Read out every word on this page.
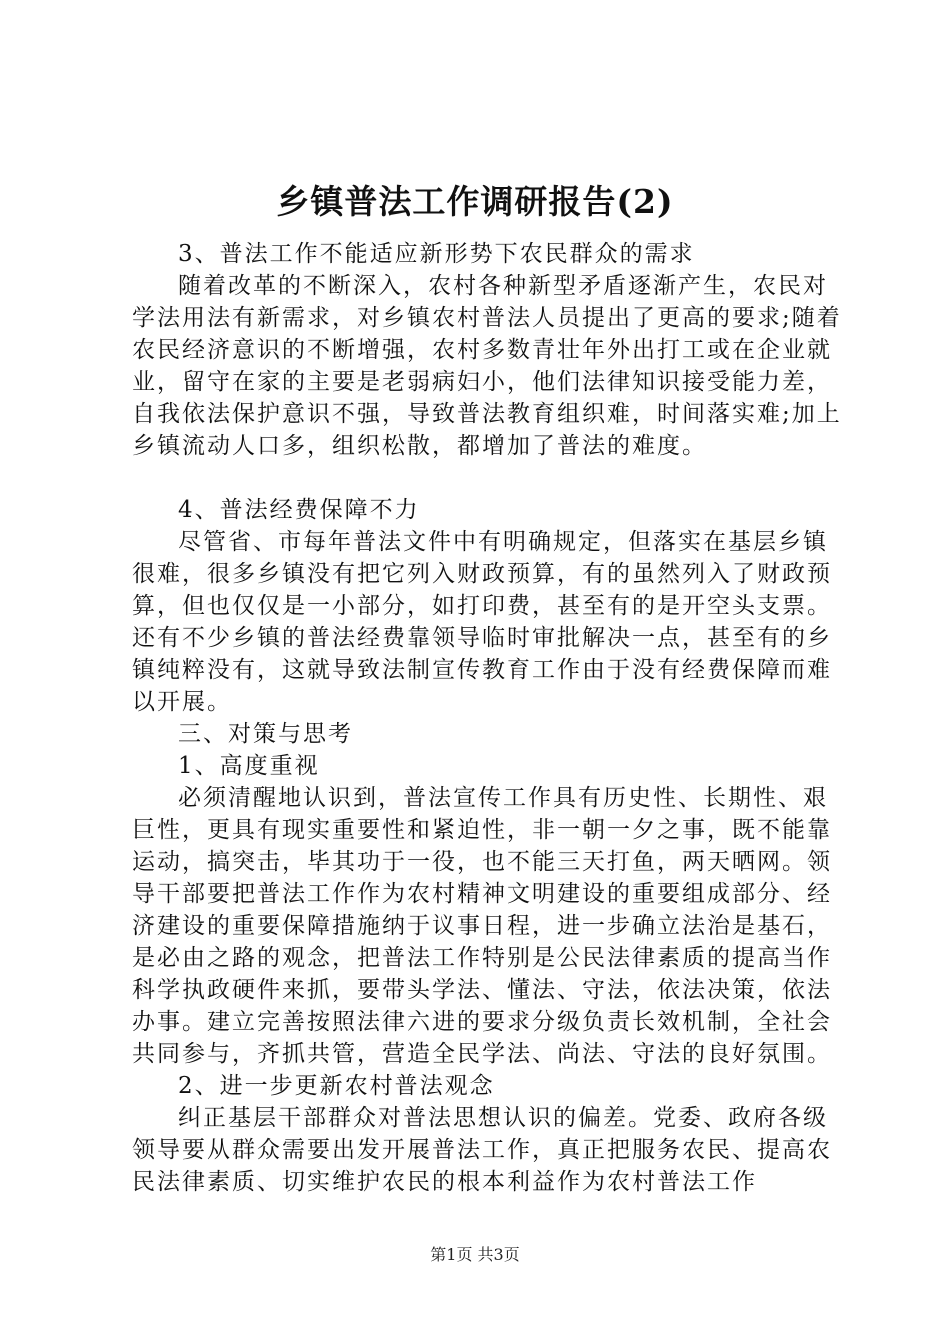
乡镇普法工作调研报告(2)

3、普法工作不能适应新形势下农民群众的需求

随着改革的不断深入，农村各种新型矛盾逐渐产生，农民对学法用法有新需求，对乡镇农村普法人员提出了更高的要求;随着农民经济意识的不断增强，农村多数青壮年外出打工或在企业就业，留守在家的主要是老弱病妇小，他们法律知识接受能力差，自我依法保护意识不强，导致普法教育组织难，时间落实难;加上乡镇流动人口多，组织松散，都增加了普法的难度。

4、普法经费保障不力

尽管省、市每年普法文件中有明确规定，但落实在基层乡镇很难，很多乡镇没有把它列入财政预算，有的虽然列入了财政预算，但也仅仅是一小部分，如打印费，甚至有的是开空头支票。还有不少乡镇的普法经费靠领导临时审批解决一点，甚至有的乡镇纯粹没有，这就导致法制宣传教育工作由于没有经费保障而难以开展。

三、对策与思考

1、高度重视

必须清醒地认识到，普法宣传工作具有历史性、长期性、艰巨性，更具有现实重要性和紧迫性，非一朝一夕之事，既不能靠运动，搞突击，毕其功于一役，也不能三天打鱼，两天晒网。领导干部要把普法工作作为农村精神文明建设的重要组成部分、经济建设的重要保障措施纳于议事日程，进一步确立法治是基石，是必由之路的观念，把普法工作特别是公民法律素质的提高当作科学执政硬件来抓，要带头学法、懂法、守法，依法决策，依法办事。建立完善按照法律六进的要求分级负责长效机制，全社会共同参与，齐抓共管，营造全民学法、尚法、守法的良好氛围。

2、进一步更新农村普法观念

纠正基层干部群众对普法思想认识的偏差。党委、政府各级领导要从群众需要出发开展普法工作，真正把服务农民、提高农民法律素质、切实维护农民的根本利益作为农村普法工作

第1页 共3页
